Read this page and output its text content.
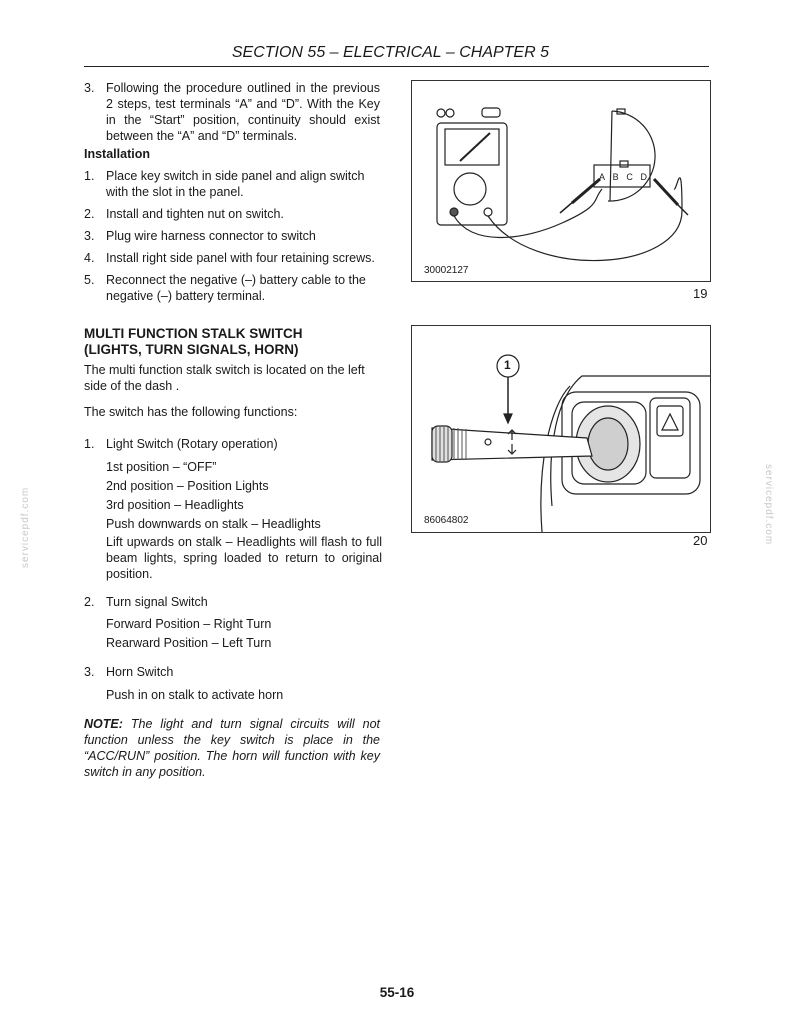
SECTION 55 – ELECTRICAL – CHAPTER 5
3. Following the procedure outlined in the previous 2 steps, test terminals “A” and “D”. With the Key in the “Start” position, continuity should exist between the “A” and “D” terminals.
Installation
1. Place key switch in side panel and align switch with the slot in the panel.
2. Install and tighten nut on switch.
3. Plug wire harness connector to switch
4. Install right side panel with four retaining screws.
5. Reconnect the negative (–) battery cable to the negative (–) battery terminal.
MULTI FUNCTION STALK SWITCH
(LIGHTS, TURN SIGNALS, HORN)
The multi function stalk switch is located on the left side of the dash .
The switch has the following functions:
1. Light Switch (Rotary operation)
1st position – “OFF”
2nd position – Position Lights
3rd position – Headlights
Push downwards on stalk – Headlights
Lift upwards on stalk – Headlights will flash to full beam lights, spring loaded to return to original position.
2. Turn signal Switch
Forward Position – Right Turn
Rearward Position – Left Turn
3. Horn Switch
Push in on stalk to activate horn
NOTE: The light and turn signal circuits will not function unless the key switch is place in the “ACC/RUN” position. The horn will function with key switch in any position.
A B C D
30002127
19
1
86064802
20
servicepdf.com	servicepdf.com
55-16
